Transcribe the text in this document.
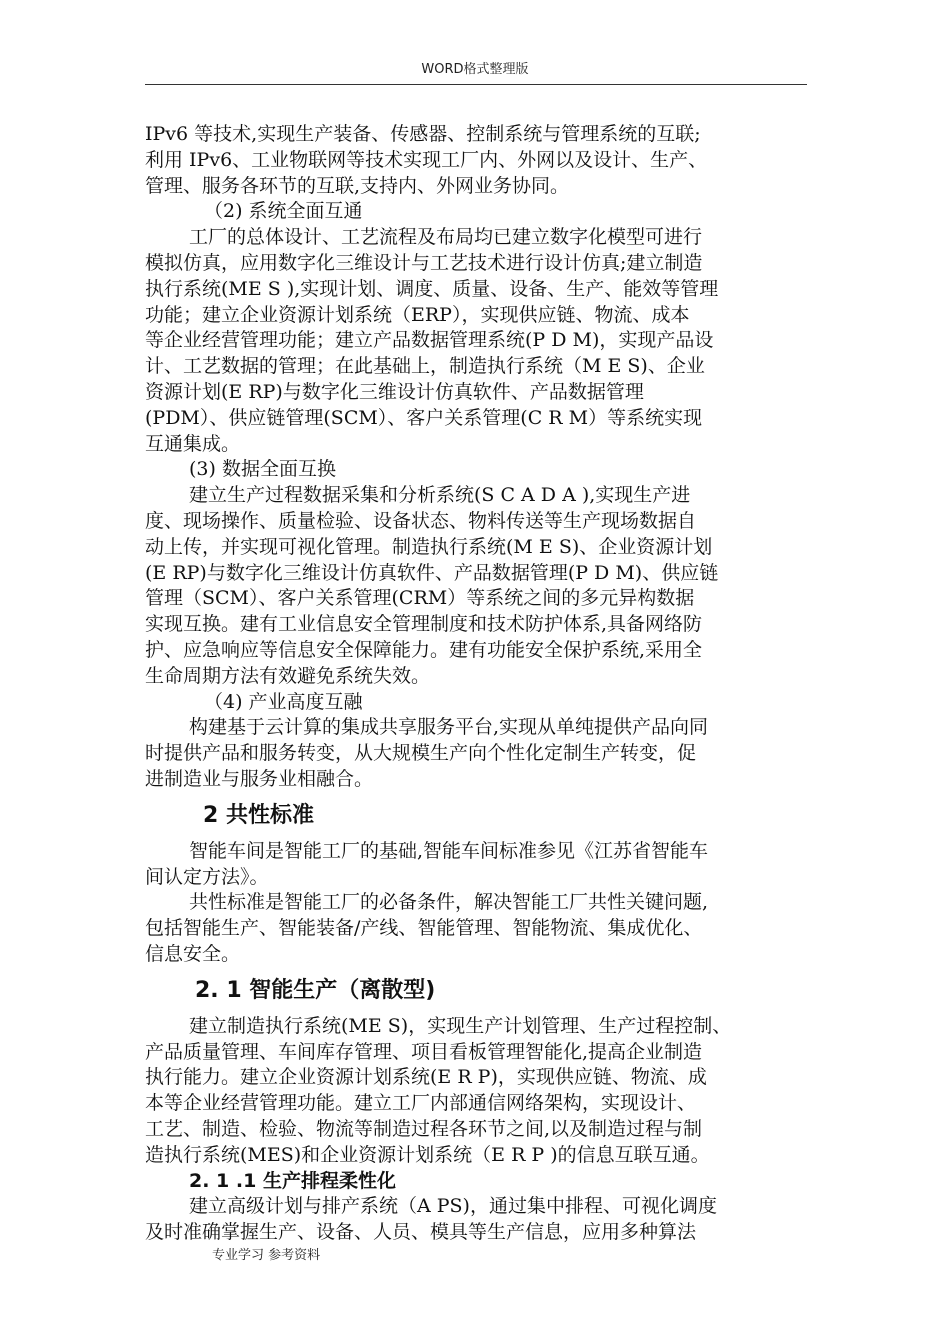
WORD格式整理版
IPv6 等技术,实现生产装备、传感器、控制系统与管理系统的互联;
利用 IPv6、工业物联网等技术实现工厂内、外网以及设计、生产、
管理、服务各环节的互联,支持内、外网业务协同。
（2) 系统全面互通
工厂的总体设计、工艺流程及布局均已建立数字化模型可进行
模拟仿真，应用数字化三维设计与工艺技术进行设计仿真;建立制造
执行系统(ME S ),实现计划、调度、质量、设备、生产、能效等管理
功能；建立企业资源计划系统（ERP），实现供应链、物流、成本
等企业经营管理功能；建立产品数据管理系统(P D M)，实现产品设
计、工艺数据的管理；在此基础上，制造执行系统（M E S)、企业
资源计划(E RP)与数字化三维设计仿真软件、产品数据管理
(PDM）、供应链管理(SCM）、客户关系管理(C R M）等系统实现
互通集成。
(3) 数据全面互换
建立生产过程数据采集和分析系统(S C A D A ),实现生产进
度、现场操作、质量检验、设备状态、物料传送等生产现场数据自
动上传，并实现可视化管理。制造执行系统(M E S)、企业资源计划
(E RP)与数字化三维设计仿真软件、产品数据管理(P D M)、供应链
管理（SCM）、客户关系管理(CRM）等系统之间的多元异构数据
实现互换。建有工业信息安全管理制度和技术防护体系,具备网络防
护、应急响应等信息安全保障能力。建有功能安全保护系统,采用全
生命周期方法有效避免系统失效。
（4) 产业高度互融
构建基于云计算的集成共享服务平台,实现从单纯提供产品向同
时提供产品和服务转变，从大规模生产向个性化定制生产转变，促
进制造业与服务业相融合。
2 共性标准
智能车间是智能工厂的基础,智能车间标准参见《江苏省智能车
间认定方法》。
共性标准是智能工厂的必备条件，解决智能工厂共性关键问题,
包括智能生产、智能装备/产线、智能管理、智能物流、集成优化、
信息安全。
2. 1 智能生产（离散型)
建立制造执行系统(ME S)，实现生产计划管理、生产过程控制、
产品质量管理、车间库存管理、项目看板管理智能化,提高企业制造
执行能力。建立企业资源计划系统(E R P)，实现供应链、物流、成
本等企业经营管理功能。建立工厂内部通信网络架构，实现设计、
工艺、制造、检验、物流等制造过程各环节之间,以及制造过程与制
造执行系统(MES)和企业资源计划系统（E R P )的信息互联互通。
2. 1 .1 生产排程柔性化
建立高级计划与排产系统（A PS)，通过集中排程、可视化调度
及时准确掌握生产、设备、人员、模具等生产信息，应用多种算法
专业学习 参考资料
